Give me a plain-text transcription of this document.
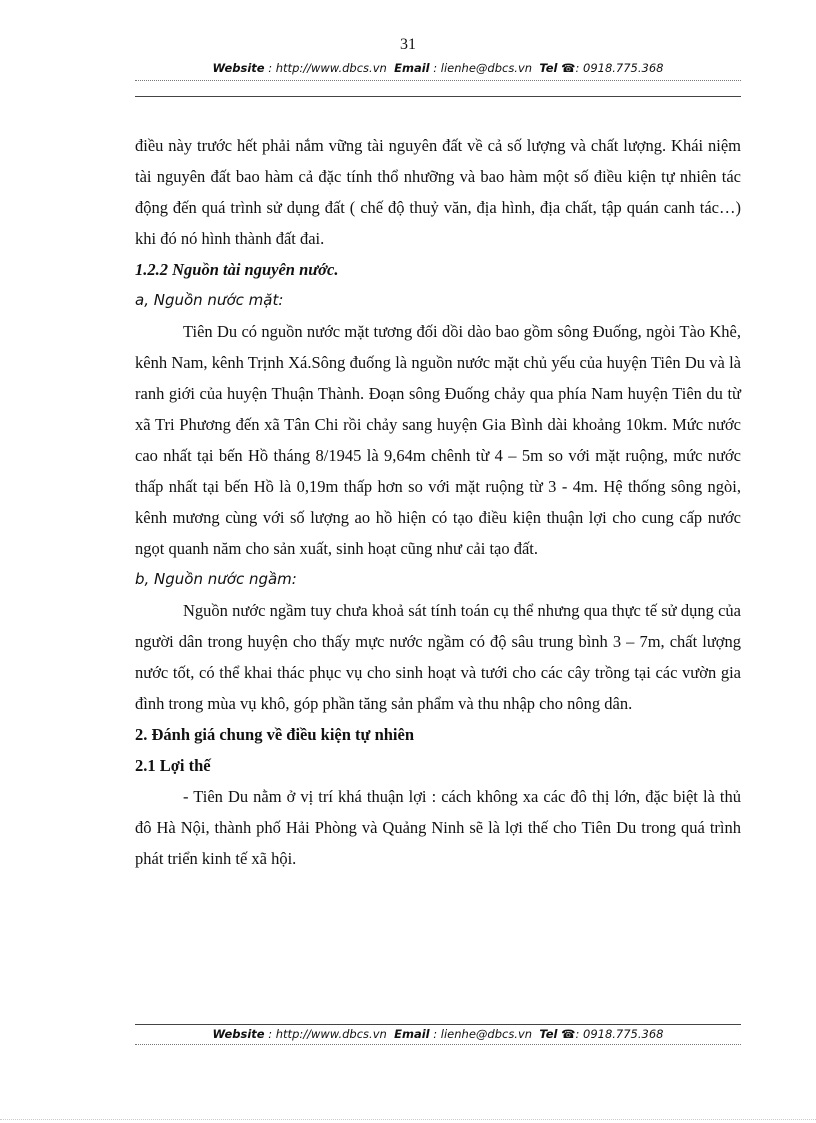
31
Website : http://www.dbcs.vn Email : lienhe@dbcs.vn Tel ☎: 0918.775.368

điều này trước hết phải nắm vững tài nguyên đất về cả số lượng và chất lượng. Khái niệm tài nguyên đất bao hàm cả đặc tính thổ nhưỡng và bao hàm một số điều kiện tự nhiên tác động đến quá trình sử dụng đất ( chế độ thuỷ văn, địa hình, địa chất, tập quán canh tác…) khi đó nó hình thành đất đai.

1.2.2 Nguồn tài nguyên nước.

a, Nguồn nước mặt:

Tiên Du có nguồn nước mặt tương đối dồi dào bao gồm sông Đuống, ngòi Tào Khê, kênh Nam, kênh Trịnh Xá.Sông đuống là nguồn nước mặt chủ yếu của huyện Tiên Du và là ranh giới của huyện Thuận Thành. Đoạn sông Đuống chảy qua phía Nam huyện Tiên du từ xã Tri Phương đến xã Tân Chi rồi chảy sang huyện Gia Bình dài khoảng 10km. Mức nước cao nhất tại bến Hồ tháng 8/1945 là 9,64m chênh từ 4 – 5m so với mặt ruộng, mức nước thấp nhất tại bến Hồ là 0,19m thấp hơn so với mặt ruộng từ 3 - 4m. Hệ thống sông ngòi, kênh mương cùng với số lượng ao hồ hiện có tạo điều kiện thuận lợi cho cung cấp nước ngọt quanh năm cho sản xuất, sinh hoạt cũng như cải tạo đất.

b, Nguồn nước ngầm:

Nguồn nước ngầm tuy chưa khoả sát tính toán cụ thể nhưng qua thực tế sử dụng của người dân trong huyện cho thấy mực nước ngầm có độ sâu trung bình 3 – 7m, chất lượng nước tốt, có thể khai thác phục vụ cho sinh hoạt và tưới cho các cây trồng tại các vườn gia đình trong mùa vụ khô, góp phần tăng sản phẩm và thu nhập cho nông dân.

2. Đánh giá chung về điều kiện tự nhiên

2.1 Lợi thế

- Tiên Du nằm ở vị trí khá thuận lợi : cách không xa các đô thị lớn, đặc biệt là thủ đô Hà Nội, thành phố Hải Phòng và Quảng Ninh sẽ là lợi thế cho Tiên Du trong quá trình phát triển kinh tế xã hội.

Website : http://www.dbcs.vn Email : lienhe@dbcs.vn Tel ☎: 0918.775.368
